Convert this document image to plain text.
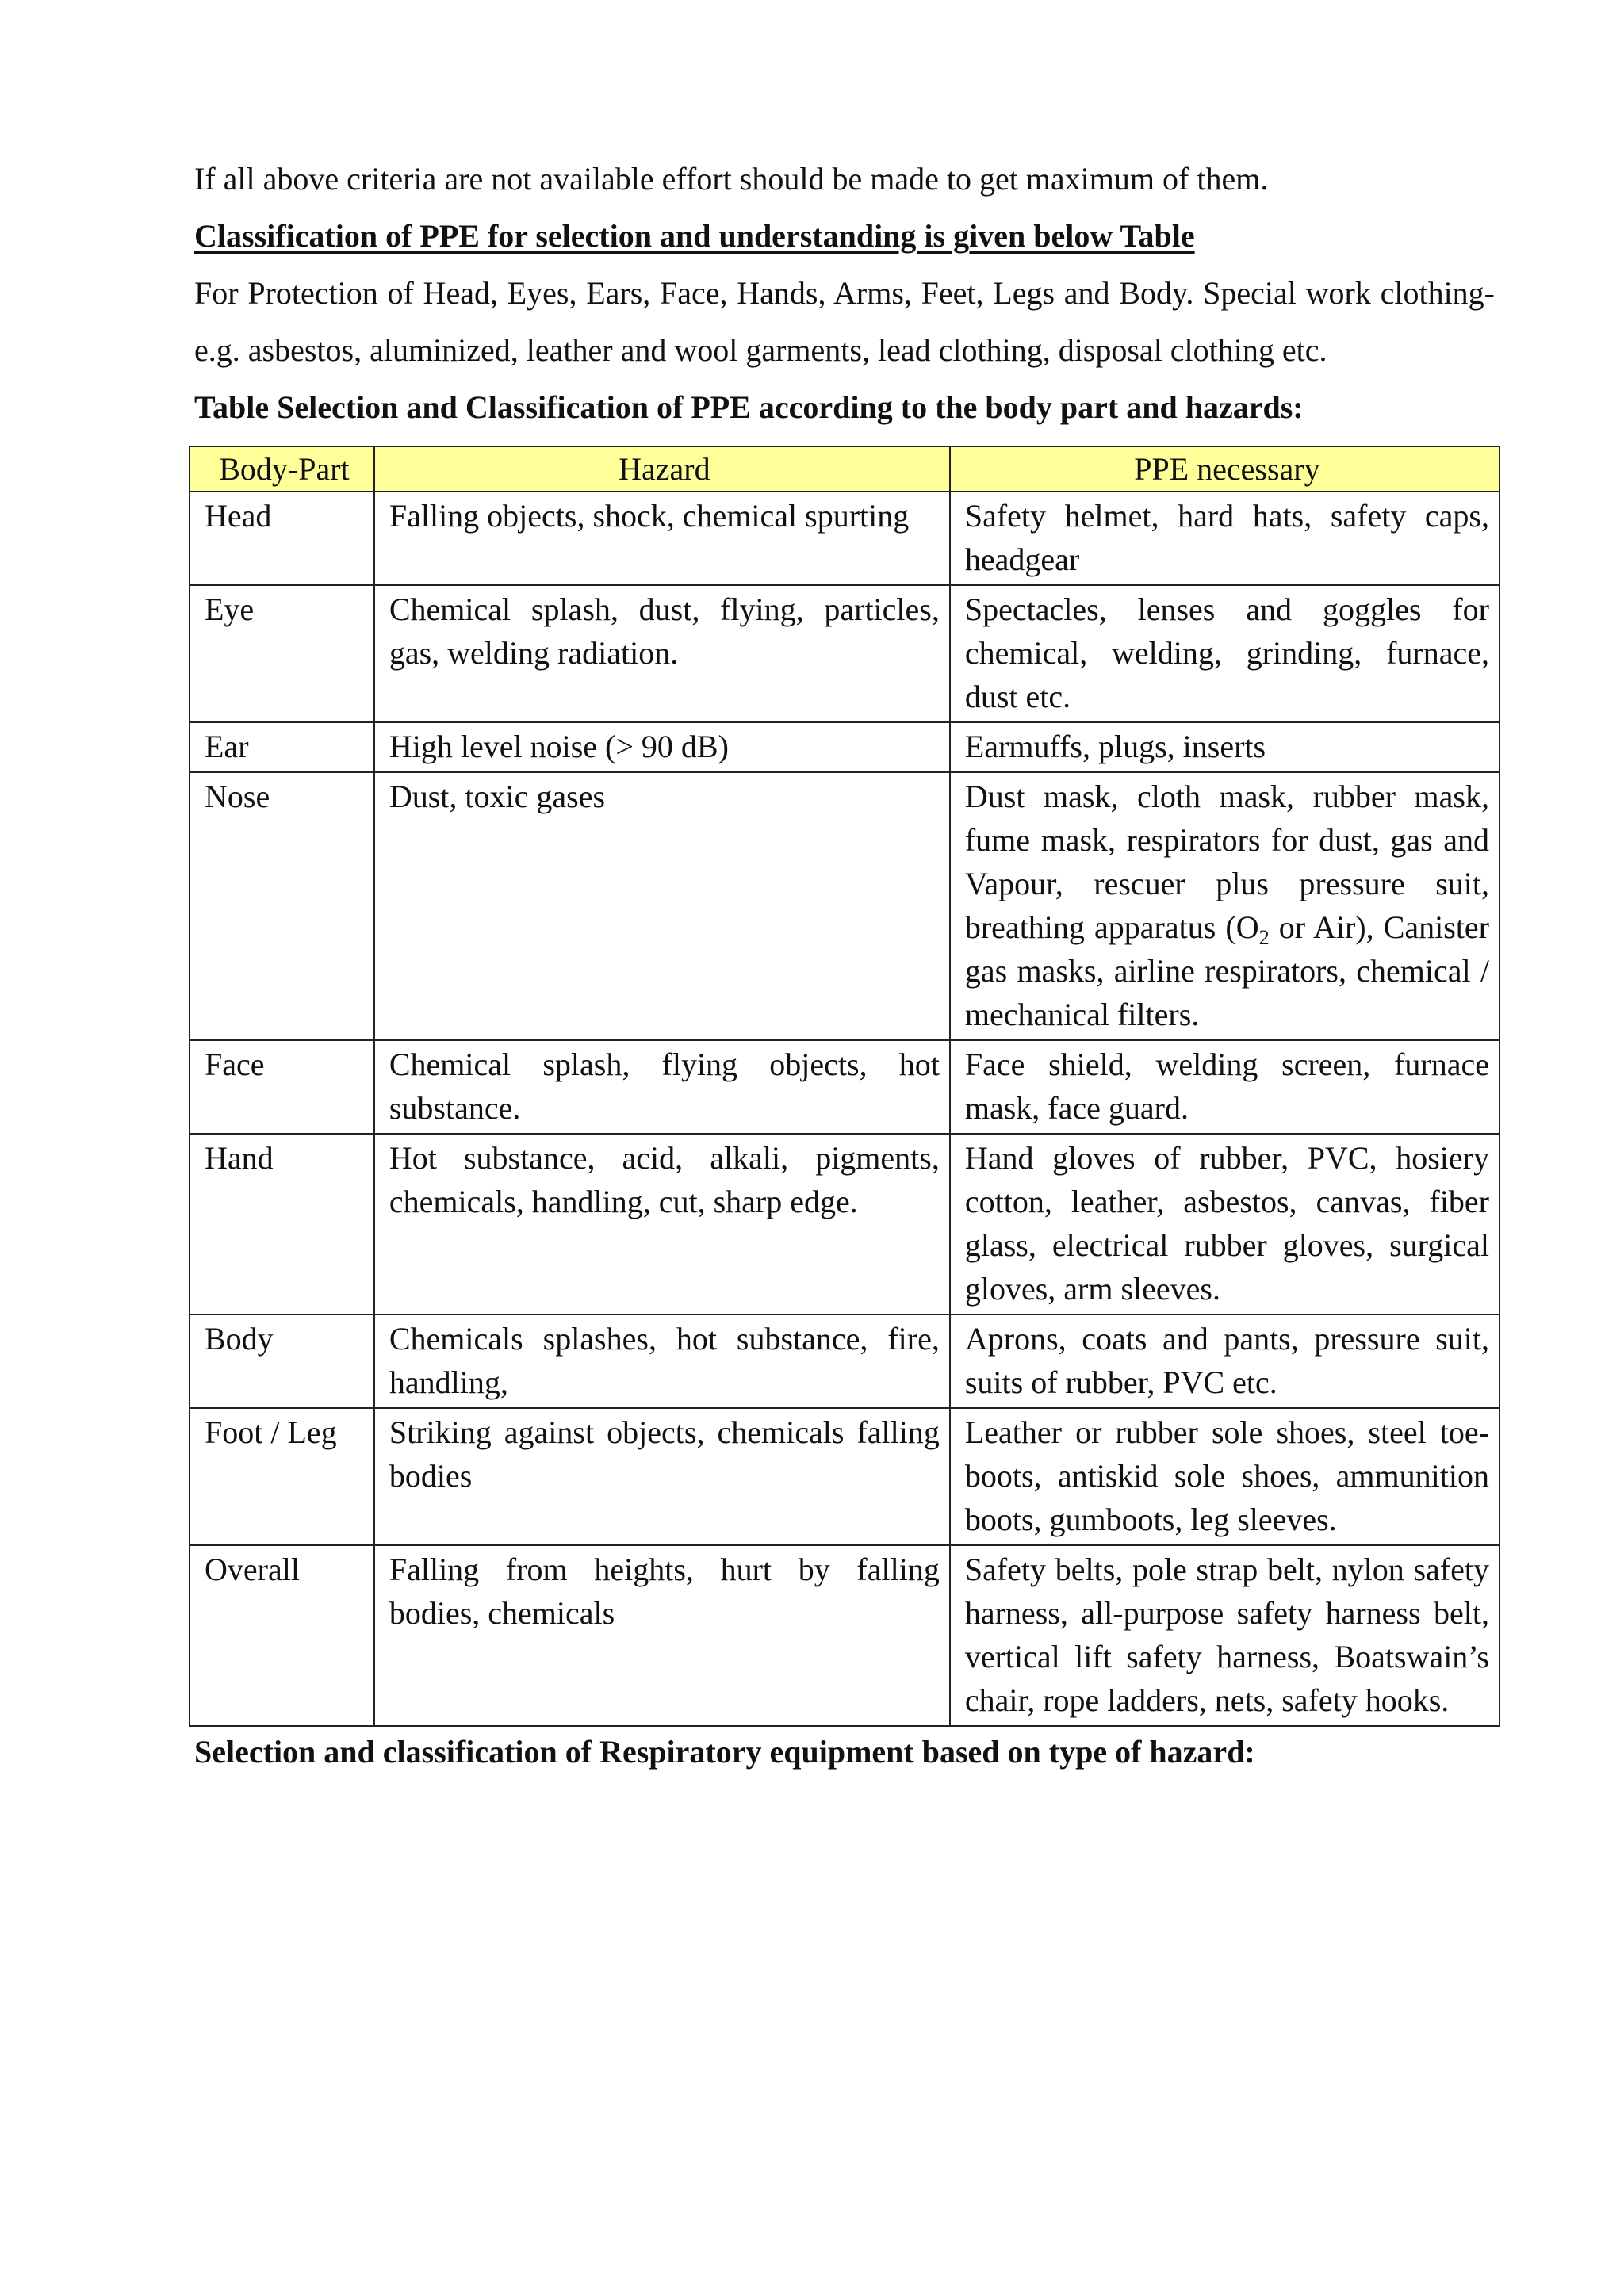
If all above criteria are not available effort should be made to get maximum of them.

Classification of PPE for selection and understanding is given below Table

For Protection of Head, Eyes, Ears, Face, Hands, Arms, Feet, Legs and Body. Special work clothing- e.g. asbestos, aluminized, leather and wool garments, lead clothing, disposal clothing etc.

Table Selection and Classification of PPE according to the body part and hazards:

Body-Part	Hazard	PPE necessary
Head	Falling objects, shock, chemical spurting	Safety helmet, hard hats, safety caps, headgear
Eye	Chemical splash, dust, flying, particles, gas, welding radiation.	Spectacles, lenses and goggles for chemical, welding, grinding, furnace, dust etc.
Ear	High level noise (> 90 dB)	Earmuffs, plugs, inserts
Nose	Dust, toxic gases	Dust mask, cloth mask, rubber mask, fume mask, respirators for dust, gas and Vapour, rescuer plus pressure suit, breathing apparatus ($O_2$ or Air), Canister gas masks, airline respirators, chemical / mechanical filters.
Face	Chemical splash, flying objects, hot substance.	Face shield, welding screen, furnace mask, face guard.
Hand	Hot substance, acid, alkali, pigments, chemicals, handling, cut, sharp edge.	Hand gloves of rubber, PVC, hosiery cotton, leather, asbestos, canvas, fiber glass, electrical rubber gloves, surgical gloves, arm sleeves.
Body	Chemicals splashes, hot substance, fire, handling,	Aprons, coats and pants, pressure suit, suits of rubber, PVC etc.
Foot / Leg	Striking against objects, chemicals falling bodies	Leather or rubber sole shoes, steel toe-boots, antiskid sole shoes, ammunition boots, gumboots, leg sleeves.
Overall	Falling from heights, hurt by falling bodies, chemicals	Safety belts, pole strap belt, nylon safety harness, all-purpose safety harness belt, vertical lift safety harness, Boatswain’s chair, rope ladders, nets, safety hooks.

Selection and classification of Respiratory equipment based on type of hazard:
